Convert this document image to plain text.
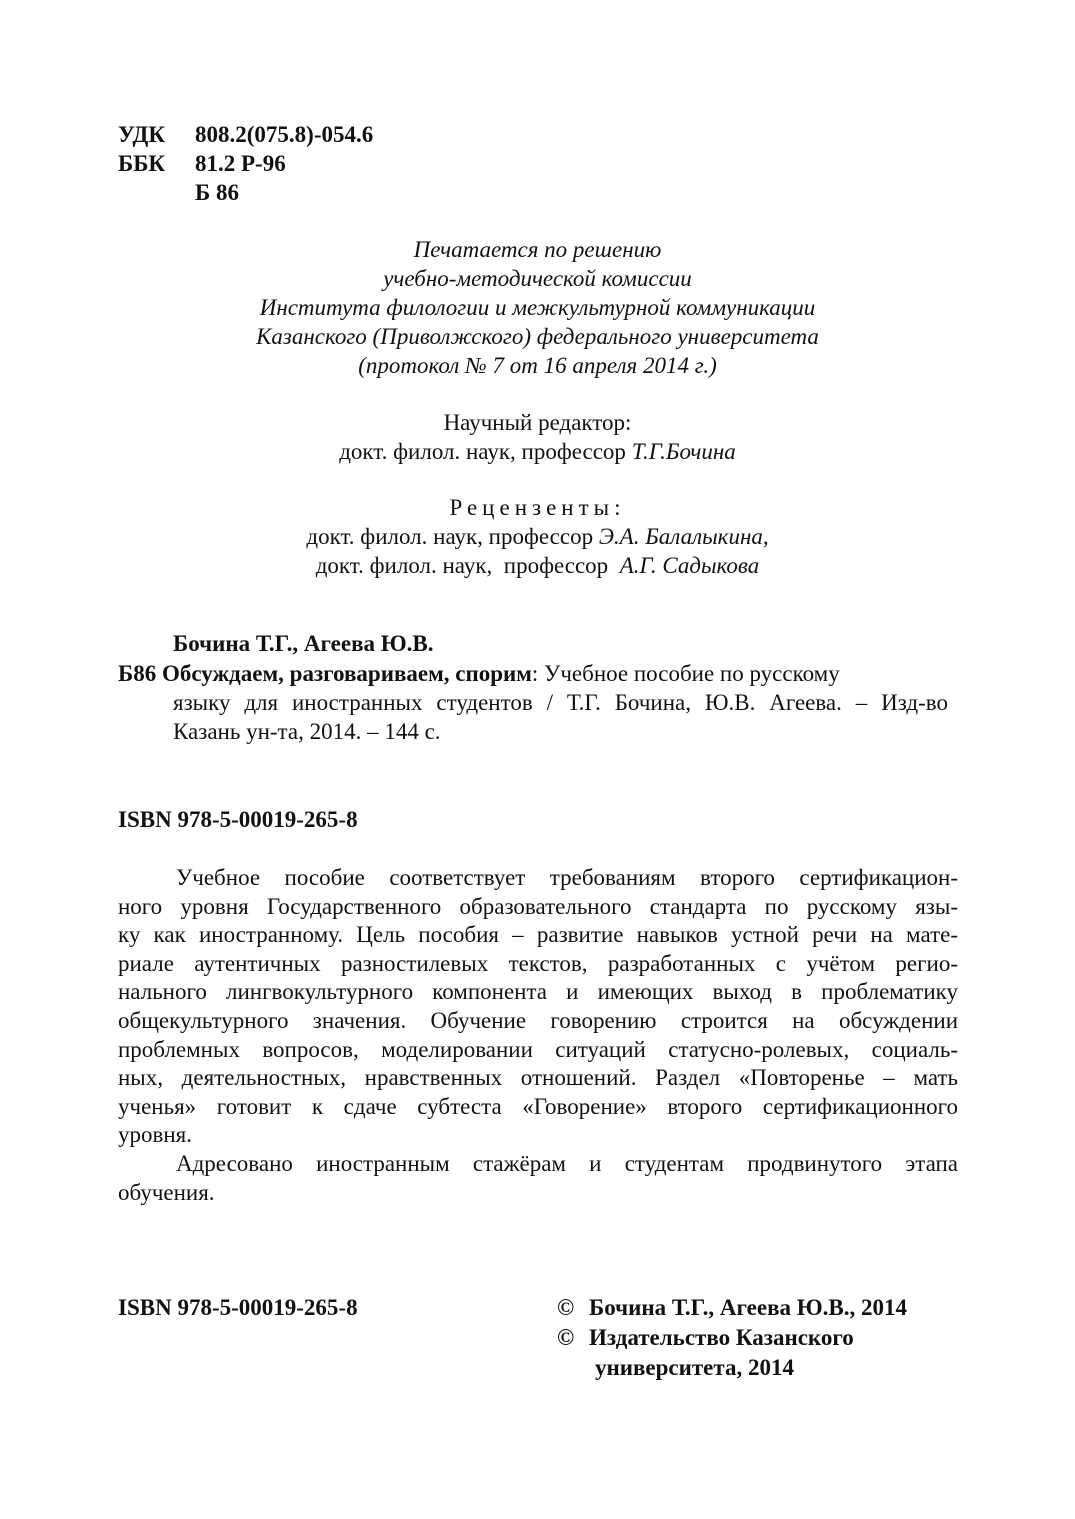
УДК 808.2(075.8)-054.6
ББК 81.2 Р-96
Б 86
Печатается по решению
учебно-методической комиссии
Института филологии и межкультурной коммуникации
Казанского (Приволжского) федерального университета
(протокол № 7 от 16 апреля 2014 г.)
Научный редактор:
докт. филол. наук, профессор Т.Г.Бочина
Рецензенты:
докт. филол. наук, профессор Э.А. Балалыкина,
докт. филол. наук,  профессор  А.Г. Садыкова
Бочина Т.Г., Агеева Ю.В.
Б86 Обсуждаем, разговариваем, спорим: Учебное пособие по русскому
языку для иностранных студентов / Т.Г. Бочина, Ю.В. Агеева. – Изд-во
Казань ун-та, 2014. – 144 с.
ISBN 978-5-00019-265-8
Учебное пособие соответствует требованиям второго сертификацион-
ного уровня Государственного образовательного стандарта по русскому язы-
ку как иностранному. Цель пособия – развитие навыков устной речи на мате-
риале аутентичных разностилевых текстов, разработанных с учётом регио-
нального лингвокультурного компонента и имеющих выход в проблематику
общекультурного значения. Обучение говорению строится на обсуждении
проблемных вопросов, моделировании ситуаций статусно-ролевых, социаль-
ных, деятельностных, нравственных отношений. Раздел «Повторенье – мать
ученья» готовит к сдаче субтеста «Говорение» второго сертификационного
уровня.
Адресовано иностранным стажёрам и студентам продвинутого этапа
обучения.
ISBN 978-5-00019-265-8	© Бочина Т.Г., Агеева Ю.В., 2014
© Издательство Казанского
университета, 2014
